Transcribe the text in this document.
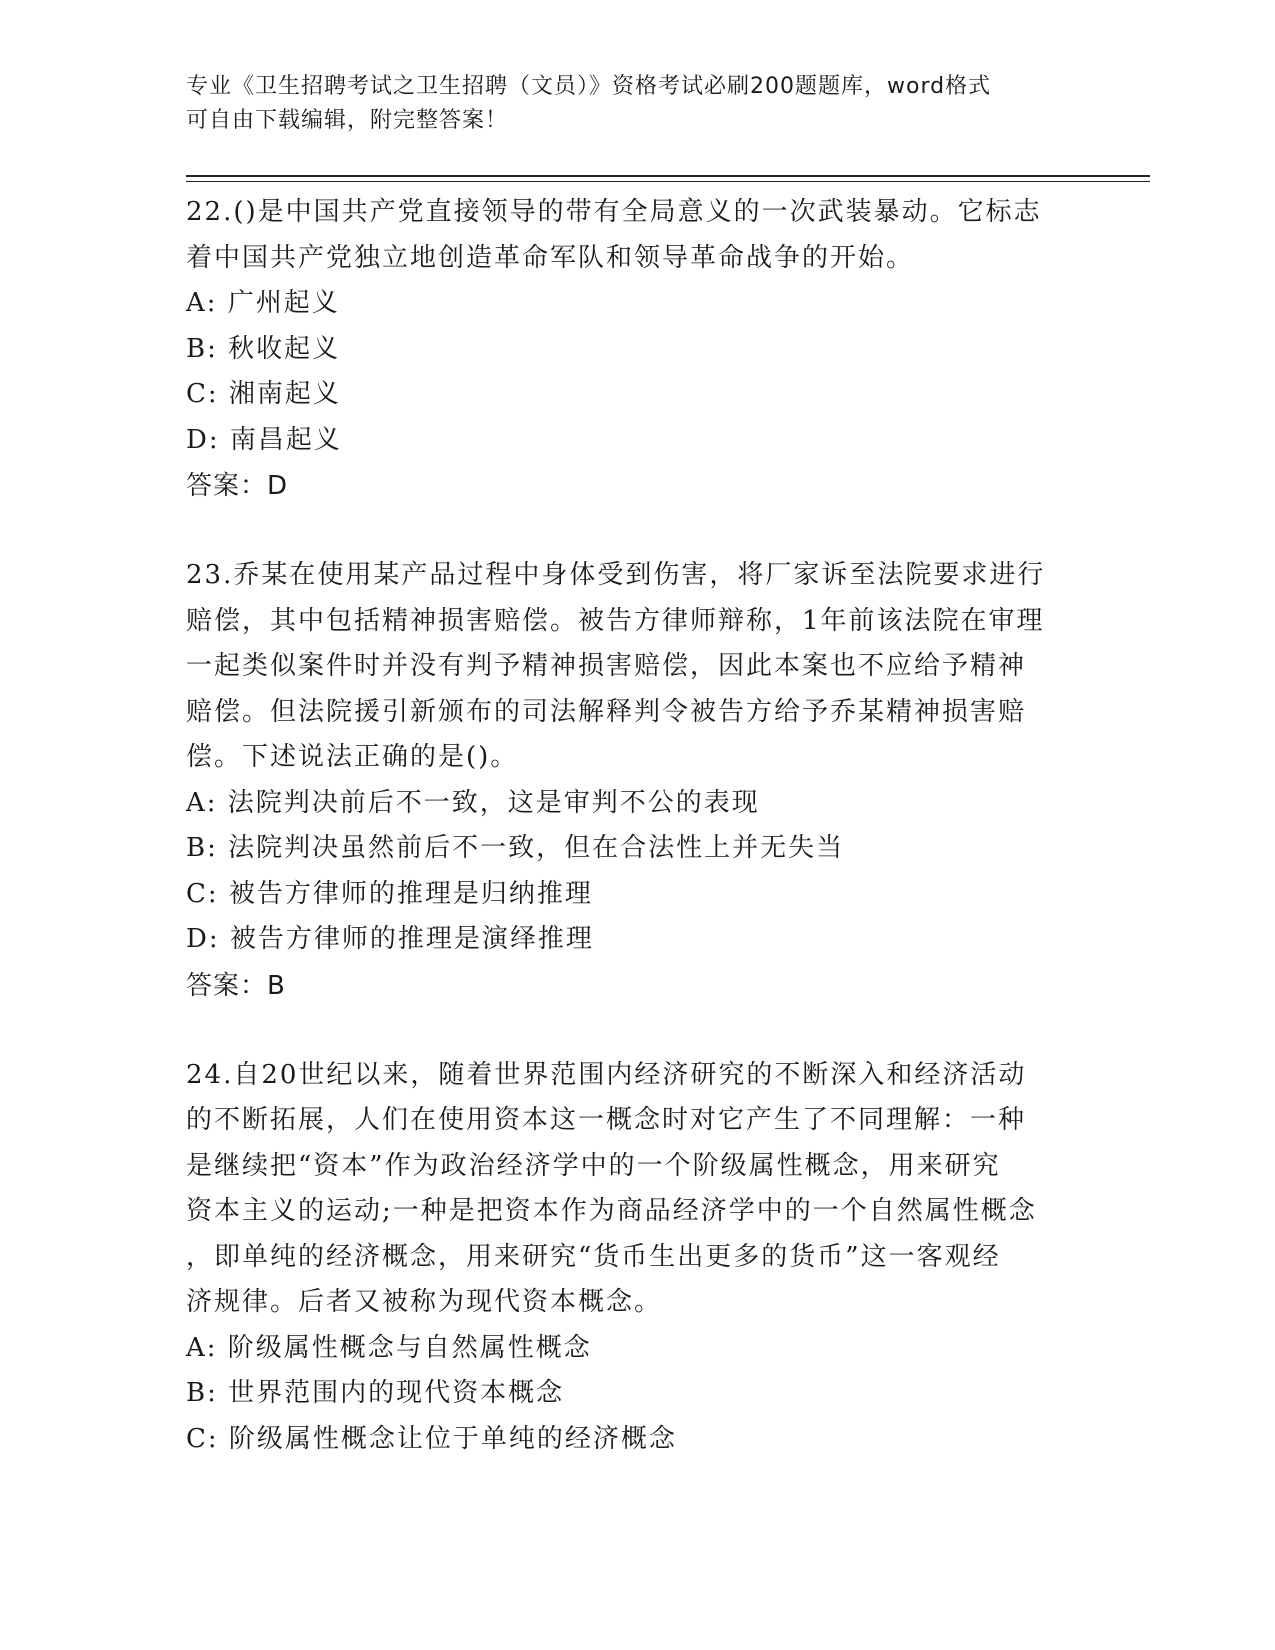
专业《卫生招聘考试之卫生招聘（文员）》资格考试必刷200题题库，word格式
可自由下载编辑，附完整答案！
22.()是中国共产党直接领导的带有全局意义的一次武装暴动。它标志
着中国共产党独立地创造革命军队和领导革命战争的开始。
A: 广州起义
B: 秋收起义
C: 湘南起义
D: 南昌起义
答案：D
23.乔某在使用某产品过程中身体受到伤害，将厂家诉至法院要求进行
赔偿，其中包括精神损害赔偿。被告方律师辩称，1年前该法院在审理
一起类似案件时并没有判予精神损害赔偿，因此本案也不应给予精神
赔偿。但法院援引新颁布的司法解释判令被告方给予乔某精神损害赔
偿。下述说法正确的是()。
A: 法院判决前后不一致，这是审判不公的表现
B: 法院判决虽然前后不一致，但在合法性上并无失当
C: 被告方律师的推理是归纳推理
D: 被告方律师的推理是演绎推理
答案：B
24.自20世纪以来，随着世界范围内经济研究的不断深入和经济活动
的不断拓展，人们在使用资本这一概念时对它产生了不同理解：一种
是继续把“资本”作为政治经济学中的一个阶级属性概念，用来研究
资本主义的运动;一种是把资本作为商品经济学中的一个自然属性概念
，即单纯的经济概念，用来研究“货币生出更多的货币”这一客观经
济规律。后者又被称为现代资本概念。
A: 阶级属性概念与自然属性概念
B: 世界范围内的现代资本概念
C: 阶级属性概念让位于单纯的经济概念
